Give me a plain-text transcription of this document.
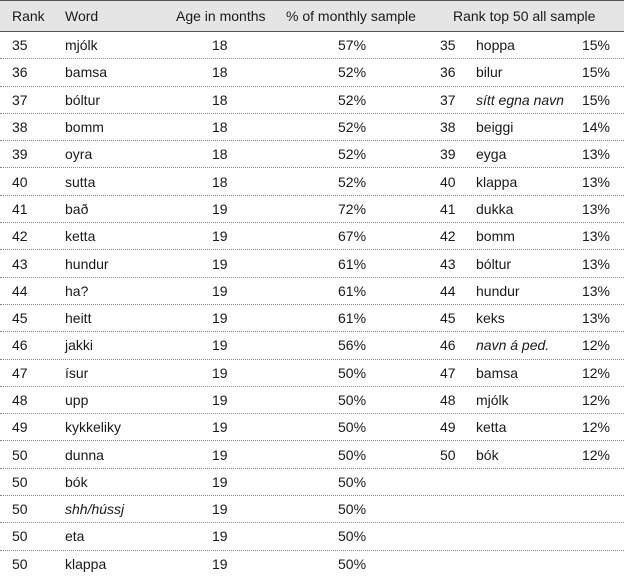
Rank Word	Age in months % of monthly sample	Rank top 50 all sample
35	mjólk	18	57%	35 hoppa	15%
36	bamsa	18	52%	36 bilur	15%
37	bóltur	18	52%	37 sítt egna navn 15%
38	bomm	18	52%	38 beiggi	14%
39	oyra	18	52%	39 eyga	13%
40	sutta	18	52%	40 klappa	13%
41	bað	19	72%	41 dukka	13%
42	ketta	19	67%	42 bomm	13%
43	hundur	19	61%	43 bóltur	13%
44	ha?	19	61%	44 hundur	13%
45	heitt	19	61%	45 keks	13%
46	jakki	19	56%	46 navn á ped. 12%
47	ísur	19	50%	47 bamsa	12%
48	upp	19	50%	48 mjólk	12%
49	kykkeliky	19	50%	49 ketta	12%
50	dunna	19	50%	50 bók	12%
50	bók	19	50%
50	shh/hússj	19	50%
50	eta	19	50%
50	klappa	19	50%
